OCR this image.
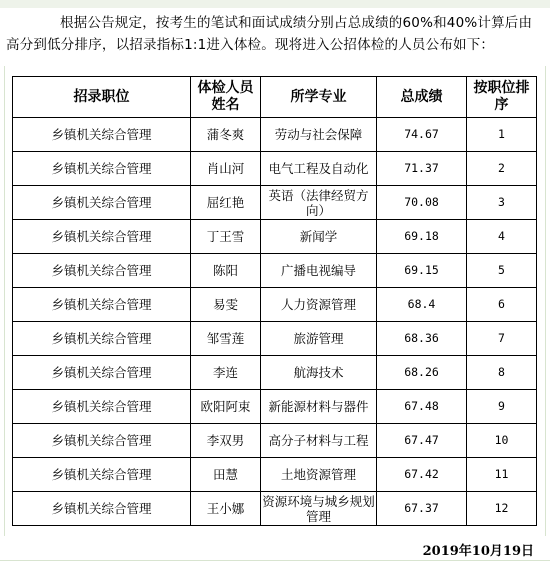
根据公告规定，按考生的笔试和面试成绩分别占总成绩的60%和40%计算后由高分到低分排序，以招录指标1:1进入体检。现将进入公招体检的人员公布如下：
招录职位	体检人员姓名	所学专业	总成绩	按职位排序
乡镇机关综合管理	蒲冬爽	劳动与社会保障	74.67	1
乡镇机关综合管理	肖山河	电气工程及自动化	71.37	2
乡镇机关综合管理	屈红艳	英语（法律经贸方向）	70.08	3
乡镇机关综合管理	丁王雪	新闻学	69.18	4
乡镇机关综合管理	陈阳	广播电视编导	69.15	5
乡镇机关综合管理	易雯	人力资源管理	68.4	6
乡镇机关综合管理	邹雪莲	旅游管理	68.36	7
乡镇机关综合管理	李连	航海技术	68.26	8
乡镇机关综合管理	欧阳阿束	新能源材料与器件	67.48	9
乡镇机关综合管理	李双男	高分子材料与工程	67.47	10
乡镇机关综合管理	田慧	土地资源管理	67.42	11
乡镇机关综合管理	王小娜	资源环境与城乡规划管理	67.37	12
2019年10月19日
